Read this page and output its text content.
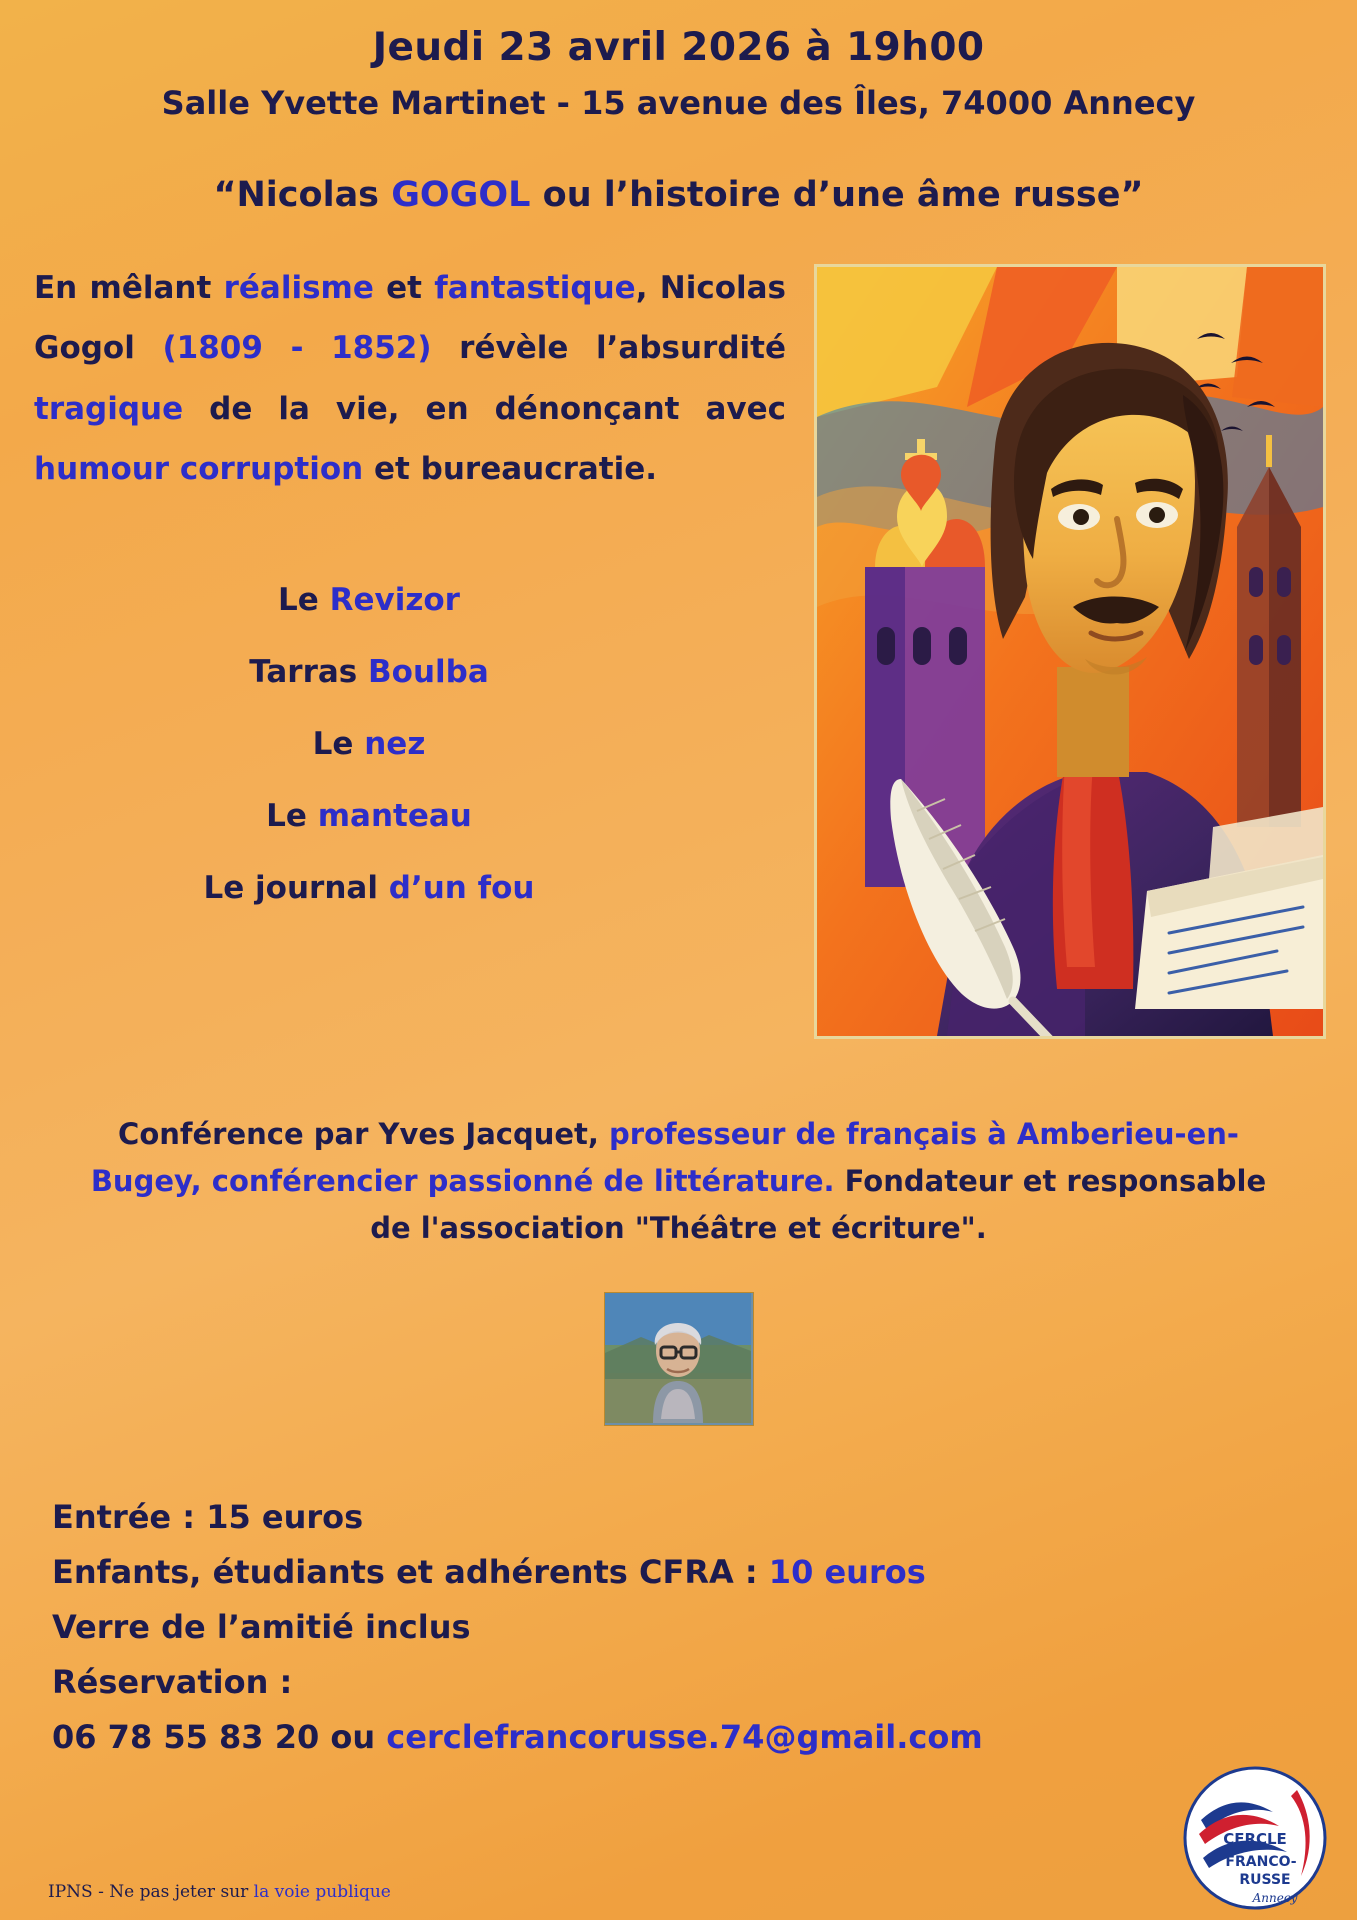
Jeudi 23 avril 2026 à 19h00
Salle Yvette Martinet - 15 avenue des Îles, 74000 Annecy
“Nicolas GOGOL ou l’histoire d’une âme russe”
En mêlant réalisme et fantastique, Nicolas Gogol (1809 - 1852) révèle l’absurdité tragique de la vie, en dénonçant avec humour corruption et bureaucratie.
Le Revizor
Tarras Boulba
Le nez
Le manteau
Le journal d’un fou
Conférence par Yves Jacquet, professeur de français à Amberieu-en-Bugey, conférencier passionné de littérature. Fondateur et responsable de l'association "Théâtre et écriture".
Entrée : 15 euros
Enfants, étudiants et adhérents CFRA : 10 euros
Verre de l’amitié inclus
Réservation :
06 78 55 83 20 ou cerclefrancorusse.74@gmail.com
IPNS - Ne pas jeter sur la voie publique
CERCLE
FRANCO-
RUSSE
Annecy
